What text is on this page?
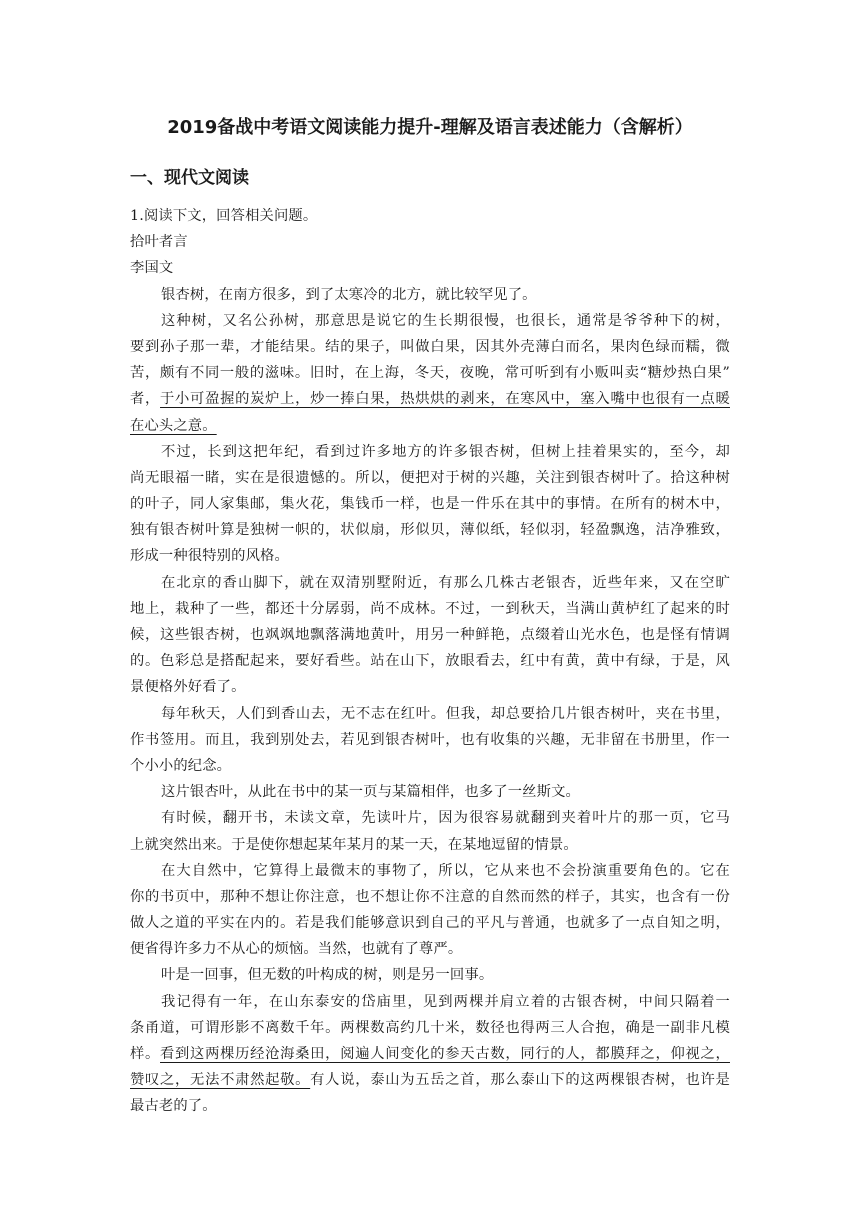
2019备战中考语文阅读能力提升-理解及语言表述能力（含解析）
一、现代文阅读
1.阅读下文，回答相关问题。
拾叶者言
李国文
银杏树，在南方很多，到了太寒冷的北方，就比较罕见了。
这种树，又名公孙树，那意思是说它的生长期很慢，也很长，通常是爷爷种下的树，
要到孙子那一辈，才能结果。结的果子，叫做白果，因其外壳薄白而名，果肉色绿而糯，微
苦，颇有不同一般的滋味。旧时，在上海，冬天，夜晚，常可听到有小贩叫卖“糖炒热白果”
者，于小可盈握的炭炉上，炒一捧白果，热烘烘的剥来，在寒风中，塞入嘴中也很有一点暖
在心头之意。
不过，长到这把年纪，看到过许多地方的许多银杏树，但树上挂着果实的，至今，却
尚无眼福一睹，实在是很遗憾的。所以，便把对于树的兴趣，关注到银杏树叶了。拾这种树
的叶子，同人家集邮，集火花，集钱币一样，也是一件乐在其中的事情。在所有的树木中，
独有银杏树叶算是独树一帜的，状似扇，形似贝，薄似纸，轻似羽，轻盈飘逸，洁净雅致，
形成一种很特别的风格。
在北京的香山脚下，就在双清别墅附近，有那么几株古老银杏，近些年来，又在空旷
地上，栽种了一些，都还十分孱弱，尚不成林。不过，一到秋天，当满山黄栌红了起来的时
候，这些银杏树，也飒飒地飘落满地黄叶，用另一种鲜艳，点缀着山光水色，也是怪有情调
的。色彩总是搭配起来，要好看些。站在山下，放眼看去，红中有黄，黄中有绿，于是，风
景便格外好看了。
每年秋天，人们到香山去，无不志在红叶。但我，却总要拾几片银杏树叶，夹在书里，
作书签用。而且，我到别处去，若见到银杏树叶，也有收集的兴趣，无非留在书册里，作一
个小小的纪念。
这片银杏叶，从此在书中的某一页与某篇相伴，也多了一丝斯文。
有时候，翻开书，未读文章，先读叶片，因为很容易就翻到夹着叶片的那一页，它马
上就突然出来。于是使你想起某年某月的某一天，在某地逗留的情景。
在大自然中，它算得上最微末的事物了，所以，它从来也不会扮演重要角色的。它在
你的书页中，那种不想让你注意，也不想让你不注意的自然而然的样子，其实，也含有一份
做人之道的平实在内的。若是我们能够意识到自己的平凡与普通，也就多了一点自知之明，
便省得许多力不从心的烦恼。当然，也就有了尊严。
叶是一回事，但无数的叶构成的树，则是另一回事。
我记得有一年，在山东泰安的岱庙里，见到两棵并肩立着的古银杏树，中间只隔着一
条甬道，可谓形影不离数千年。两棵数高约几十米，数径也得两三人合抱，确是一副非凡模
样。看到这两棵历经沧海桑田，阅遍人间变化的参天古数，同行的人，都膜拜之，仰视之，
赞叹之，无法不肃然起敬。有人说，泰山为五岳之首，那么泰山下的这两棵银杏树，也许是
最古老的了。
